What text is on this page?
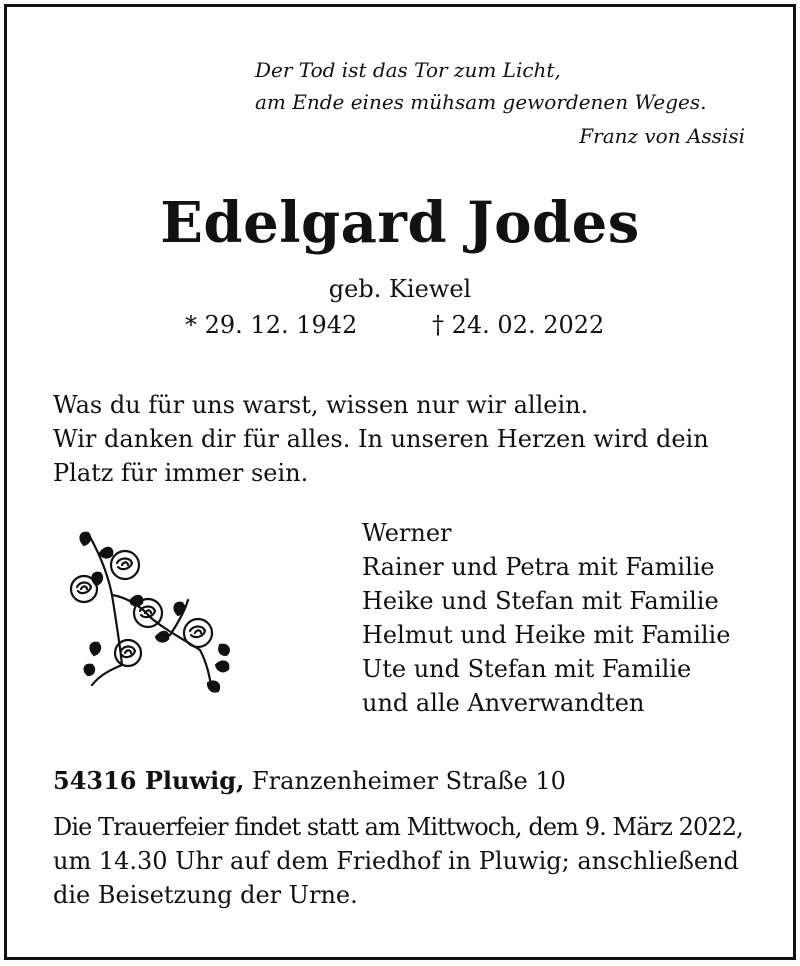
Der Tod ist das Tor zum Licht,
am Ende eines mühsam gewordenen Weges.
Franz von Assisi
Edelgard Jodes
geb. Kiewel
* 29. 12. 1942	† 24. 02. 2022
Was du für uns warst, wissen nur wir allein.
Wir danken dir für alles. In unseren Herzen wird dein
Platz für immer sein.
Werner
Rainer und Petra mit Familie
Heike und Stefan mit Familie
Helmut und Heike mit Familie
Ute und Stefan mit Familie
und alle Anverwandten
54316 Pluwig, Franzenheimer Straße 10
Die Trauerfeier findet statt am Mittwoch, dem 9. März 2022,
um 14.30 Uhr auf dem Friedhof in Pluwig; anschließend
die Beisetzung der Urne.
